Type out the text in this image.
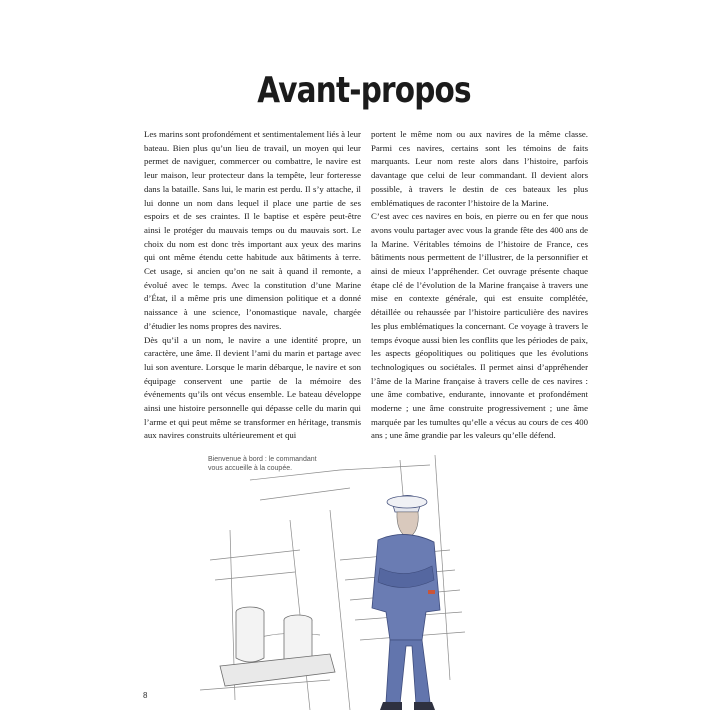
Avant-propos

Les marins sont profondément et sentimentalement liés à leur bateau. Bien plus qu’un lieu de travail, un moyen qui leur permet de naviguer, commercer ou combattre, le navire est leur maison, leur protecteur dans la tempête, leur forteresse dans la bataille. Sans lui, le marin est perdu. Il s’y attache, il lui donne un nom dans lequel il place une partie de ses espoirs et de ses craintes. Il le baptise et espère peut-être ainsi le protéger du mauvais temps ou du mauvais sort. Le choix du nom est donc très important aux yeux des marins qui ont même étendu cette habitude aux bâtiments à terre. Cet usage, si ancien qu’on ne sait à quand il remonte, a évolué avec le temps. Avec la constitution d’une Marine d’État, il a même pris une dimension politique et a donné naissance à une science, l’onomastique navale, chargée d’étudier les noms propres des navires.

Dès qu’il a un nom, le navire a une identité propre, un caractère, une âme. Il devient l’ami du marin et partage avec lui son aventure. Lorsque le marin débarque, le navire et son équipage conservent une partie de la mémoire des événements qu’ils ont vécus ensemble. Le bateau développe ainsi une histoire personnelle qui dépasse celle du marin qui l’arme et qui peut même se transformer en héritage, transmis aux navires construits ultérieurement et qui

portent le même nom ou aux navires de la même classe. Parmi ces navires, certains sont les témoins de faits marquants. Leur nom reste alors dans l’histoire, parfois davantage que celui de leur commandant. Il devient alors possible, à travers le destin de ces bateaux les plus emblématiques de raconter l’histoire de la Marine.

C’est avec ces navires en bois, en pierre ou en fer que nous avons voulu partager avec vous la grande fête des 400 ans de la Marine. Véritables témoins de l’histoire de France, ces bâtiments nous permettent de l’illustrer, de la personnifier et ainsi de mieux l’appréhender. Cet ouvrage présente chaque étape clé de l’évolution de la Marine française à travers une mise en contexte générale, qui est ensuite complétée, détaillée ou rehaussée par l’histoire particulière des navires les plus emblématiques la concernant. Ce voyage à travers le temps évoque aussi bien les conflits que les périodes de paix, les aspects géopolitiques ou politiques que les évolutions technologiques ou sociétales. Il permet ainsi d’appréhender l’âme de la Marine française à travers celle de ces navires : une âme combative, endurante, innovante et profondément moderne ; une âme construite progressivement ; une âme marquée par les tumultes qu’elle a vécus au cours de ces 400 ans ; une âme grandie par les valeurs qu’elle défend.

Bienvenue à bord : le commandant vous accueille à la coupée.
8
